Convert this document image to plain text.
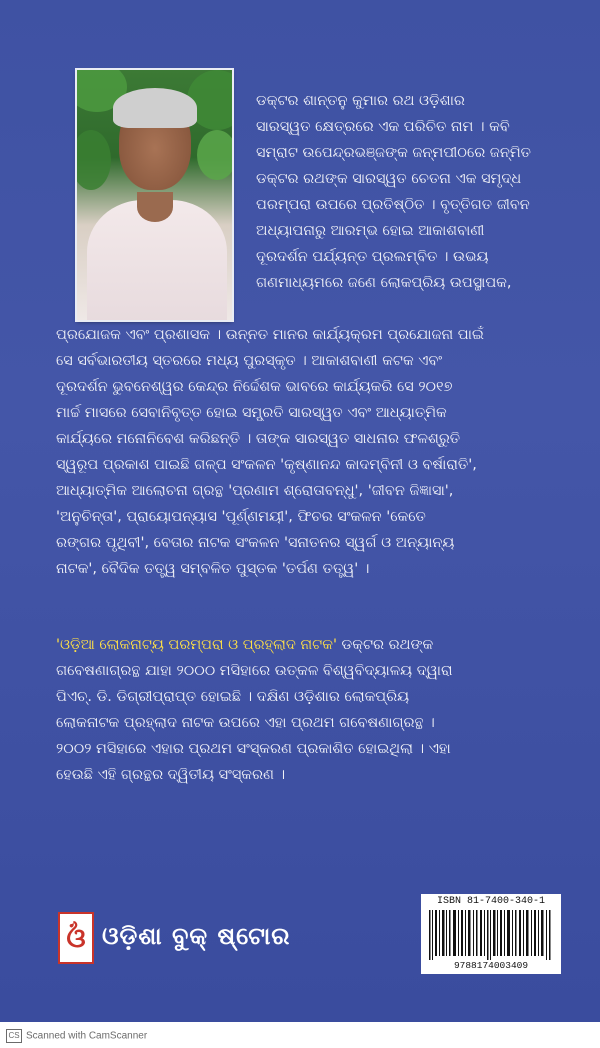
ଡକ୍ଟର ଶାନ୍ତନୁ କୁମାର ରଥ ଓଡ଼ିଶାର
ସାରସ୍ୱତ କ୍ଷେତ୍ରରେ ଏକ ପରିଚିତ ନାମ । କବି
ସମ୍ରାଟ ଉପେନ୍ଦ୍ରଭଞ୍ଜଙ୍କ ଜନ୍ମପୀଠରେ ଜନ୍ମିତ
ଡକ୍ଟର ରଥଙ୍କ ସାରସ୍ୱତ ଚେତନା ଏକ ସମୃଦ୍ଧ
ପରମ୍ପରା ଉପରେ ପ୍ରତିଷ୍ଠିତ । ବୃତ୍ତିଗତ ଜୀବନ
ଅଧ୍ୟାପନାରୁ ଆରମ୍ଭ ହୋଇ ଆକାଶବାଣୀ
ଦୂରଦର୍ଶନ ପର୍ଯ୍ୟନ୍ତ ପ୍ରଲମ୍ବିତ । ଉଭୟ
ଗଣମାଧ୍ୟମରେ ଜଣେ ଲୋକପ୍ରିୟ ଉପସ୍ଥାପକ,
ପ୍ରଯୋଜକ ଏବଂ ପ୍ରଶାସକ । ଉନ୍ନତ ମାନର କାର୍ଯ୍ୟକ୍ରମ ପ୍ରଯୋଜନା ପାଇଁ
ସେ ସର୍ବଭାରତୀୟ ସ୍ତରରେ ମଧ୍ୟ ପୁରସ୍କୃତ । ଆକାଶବାଣୀ କଟକ ଏବଂ
ଦୂରଦର୍ଶନ ଭୁବନେଶ୍ୱର କେନ୍ଦ୍ର ନିର୍ଦ୍ଦେଶକ ଭାବରେ କାର୍ଯ୍ୟକରି ସେ ୨୦୧୭
ମାର୍ଚ୍ଚ ମାସରେ ସେବାନିବୃତ୍ତ ହୋଇ ସମ୍ପ୍ରତି ସାରସ୍ୱତ ଏବଂ ଆଧ୍ୟାତ୍ମିକ
କାର୍ଯ୍ୟରେ ମନୋନିବେଶ କରିଛନ୍ତି । ତାଙ୍କ ସାରସ୍ୱତ ସାଧନାର ଫଳଶ୍ରୁତି
ସ୍ୱରୂପ ପ୍ରକାଶ ପାଇଛି ଗଳ୍ପ ସଂକଳନ 'କୃଷ୍ଣାନନ୍ଦ କାଦମ୍ବିନୀ ଓ ବର୍ଷାରାତି',
ଆଧ୍ୟାତ୍ମିକ ଆଲୋଚନା ଗ୍ରନ୍ଥ 'ପ୍ରଣାମ ଶ୍ରୋତାବନ୍ଧୁ', 'ଜୀବନ ଜିଜ୍ଞାସା',
'ଅନୁଚିନ୍ତା', ପ୍ରାୟୋପନ୍ୟାସ 'ପୂର୍ଣ୍ଣମୟୀ', ଫିଚର ସଂକଳନ 'କେତେ
ରଙ୍ଗର ପୃଥିବୀ', ବେତାର ନାଟକ ସଂକଳନ 'ସନାତନର ସ୍ୱର୍ଗ ଓ ଅନ୍ୟାନ୍ୟ
ନାଟକ', ବୈଦିକ ତତ୍ତ୍ୱ ସମ୍ବଳିତ ପୁସ୍ତକ 'ତର୍ପଣ ତତ୍ତ୍ୱ' ।
'ଓଡ଼ିଆ ଲୋକନାଟ୍ୟ ପରମ୍ପରା ଓ ପ୍ରହ୍ଲାଦ ନାଟକ' ଡକ୍ଟର ରଥଙ୍କ
ଗବେଷଣାଗ୍ରନ୍ଥ ଯାହା ୨୦୦୦ ମସିହାରେ ଉତ୍କଳ ବିଶ୍ୱବିଦ୍ୟାଳୟ ଦ୍ୱାରା
ପିଏଚ୍. ଡି. ଡିଗ୍ରୀପ୍ରାପ୍ତ ହୋଇଛି । ଦକ୍ଷିଣ ଓଡ଼ିଶାର ଲୋକପ୍ରିୟ
ଲୋକନାଟକ ପ୍ରହ୍ଲାଦ ନାଟକ ଉପରେ ଏହା ପ୍ରଥମ ଗବେଷଣାଗ୍ରନ୍ଥ ।
୨୦୦୨ ମସିହାରେ ଏହାର ପ୍ରଥମ ସଂସ୍କରଣ ପ୍ରକାଶିତ ହୋଇଥିଲା । ଏହା
ହେଉଛି ଏହି ଗ୍ରନ୍ଥର ଦ୍ୱିତୀୟ ସଂସ୍କରଣ ।
ଓଁ ଓଡ଼ିଶା ବୁକ୍ ଷ୍ଟୋର
ISBN 81-7400-340-1
9788174003409
CS Scanned with CamScanner
